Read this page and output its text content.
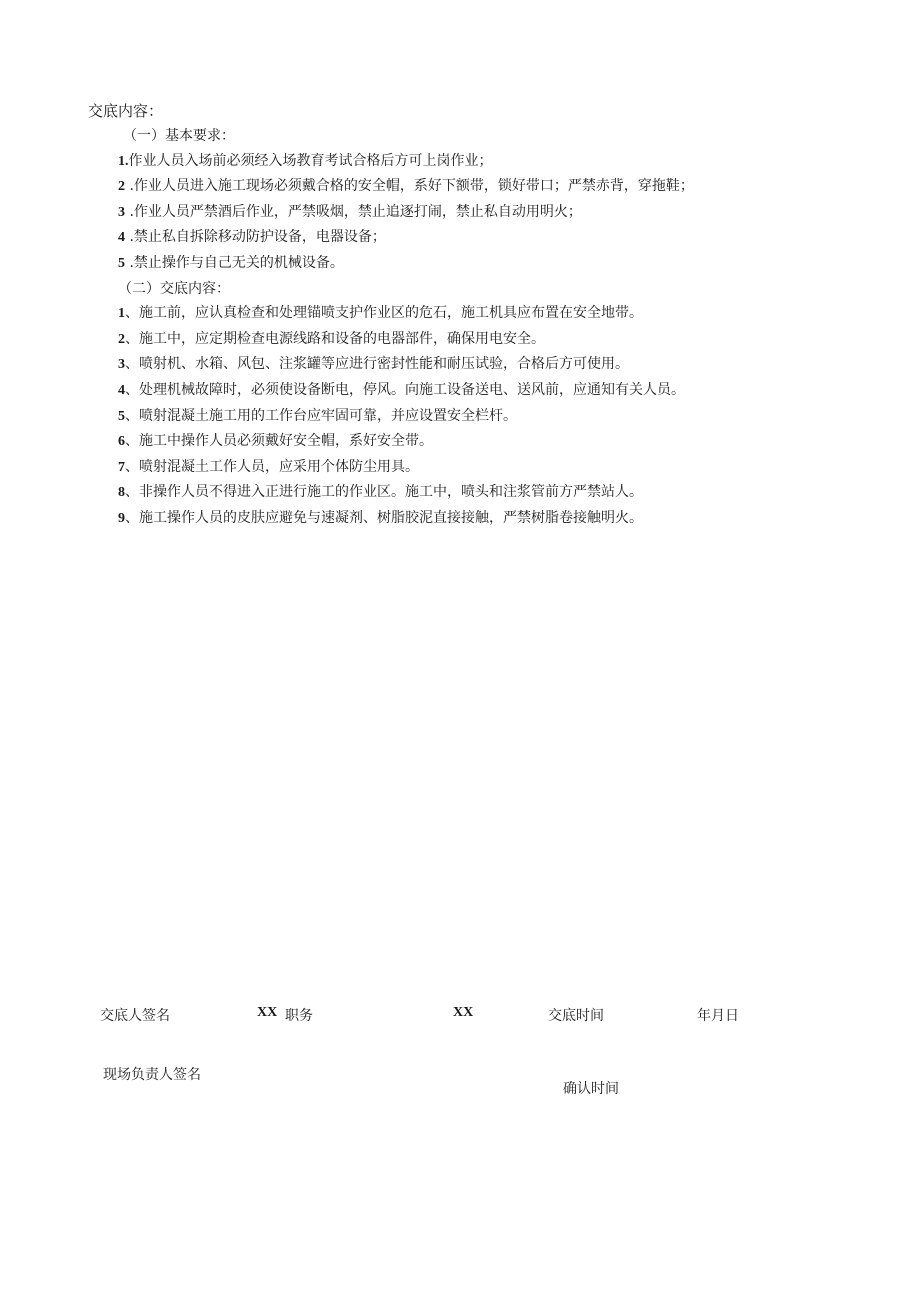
交底内容：
（一）基本要求：
1.作业人员入场前必须经入场教育考试合格后方可上岗作业；
2 .作业人员进入施工现场必须戴合格的安全帽，系好下额带，锁好带口；严禁赤背，穿拖鞋；
3 .作业人员严禁酒后作业，严禁吸烟，禁止追逐打闹，禁止私自动用明火；
4 .禁止私自拆除移动防护设备，电器设备；
5 .禁止操作与自己无关的机械设备。
（二）交底内容：
1、施工前，应认真检查和处理锚喷支护作业区的危石，施工机具应布置在安全地带。
2、施工中，应定期检查电源线路和设备的电器部件，确保用电安全。
3、喷射机、水箱、风包、注浆罐等应进行密封性能和耐压试验，合格后方可使用。
4、处理机械故障时，必须使设备断电，停风。向施工设备送电、送风前，应通知有关人员。
5、喷射混凝土施工用的工作台应牢固可靠，并应设置安全栏杆。
6、施工中操作人员必须戴好安全帽，系好安全带。
7、喷射混凝土工作人员，应采用个体防尘用具。
8、非操作人员不得进入正进行施工的作业区。施工中，喷头和注浆管前方严禁站人。
9、施工操作人员的皮肤应避免与速凝剂、树脂胶泥直接接触，严禁树脂卷接触明火。
交底人签名	XX 职务	XX	交底时间	年月日
现场负责人签名
确认时间
